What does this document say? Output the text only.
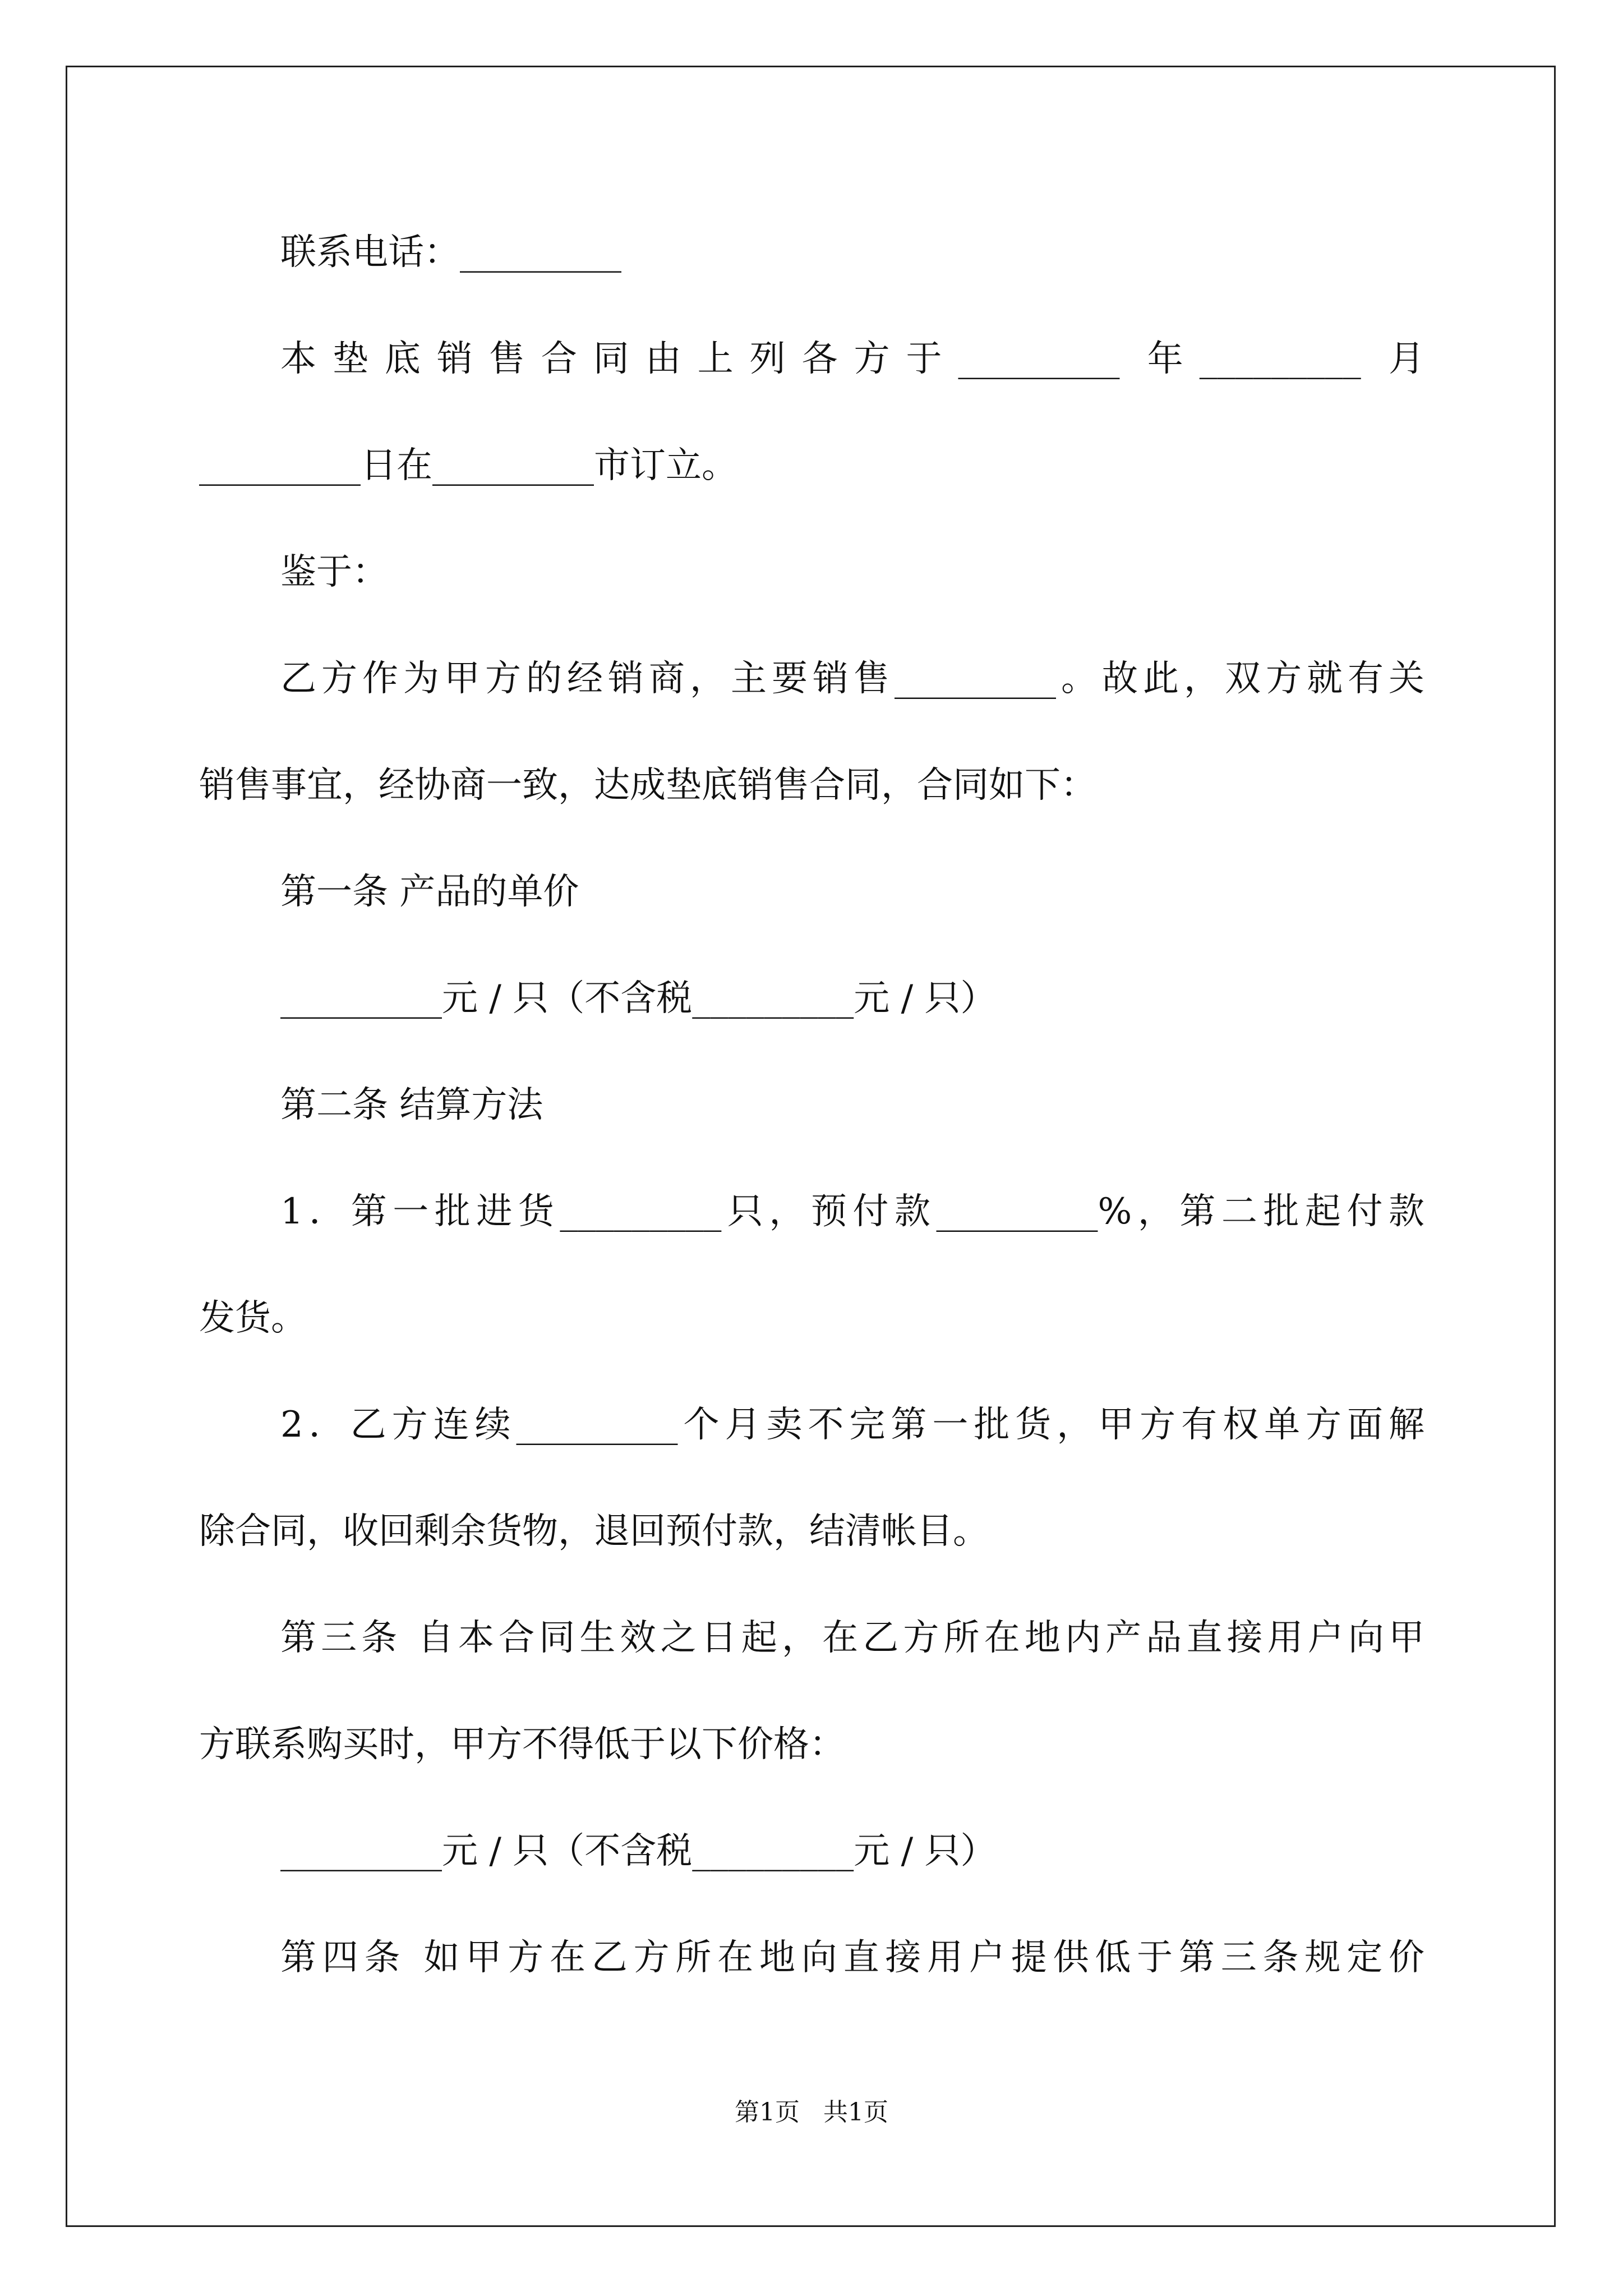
联系电话：_________
本垫底销售合同由上列各方于_________ 年_________ 月
_________日在_________市订立。
鉴于：
乙方作为甲方的经销商，主要销售_________。故此，双方就有关
销售事宜，经协商一致，达成垫底销售合同，合同如下：
第一条 产品的单价
_________元 / 只（不含税_________元 / 只）
第二条 结算方法
1．第一批进货_________只，预付款_________%，第二批起付款
发货。
2．乙方连续_________个月卖不完第一批货，甲方有权单方面解
除合同，收回剩余货物，退回预付款，结清帐目。
第三条 自本合同生效之日起，在乙方所在地内产品直接用户向甲
方联系购买时，甲方不得低于以下价格：
_________元 / 只（不含税_________元 / 只）
第四条 如甲方在乙方所在地向直接用户提供低于第三条规定价
第1页   共1页
